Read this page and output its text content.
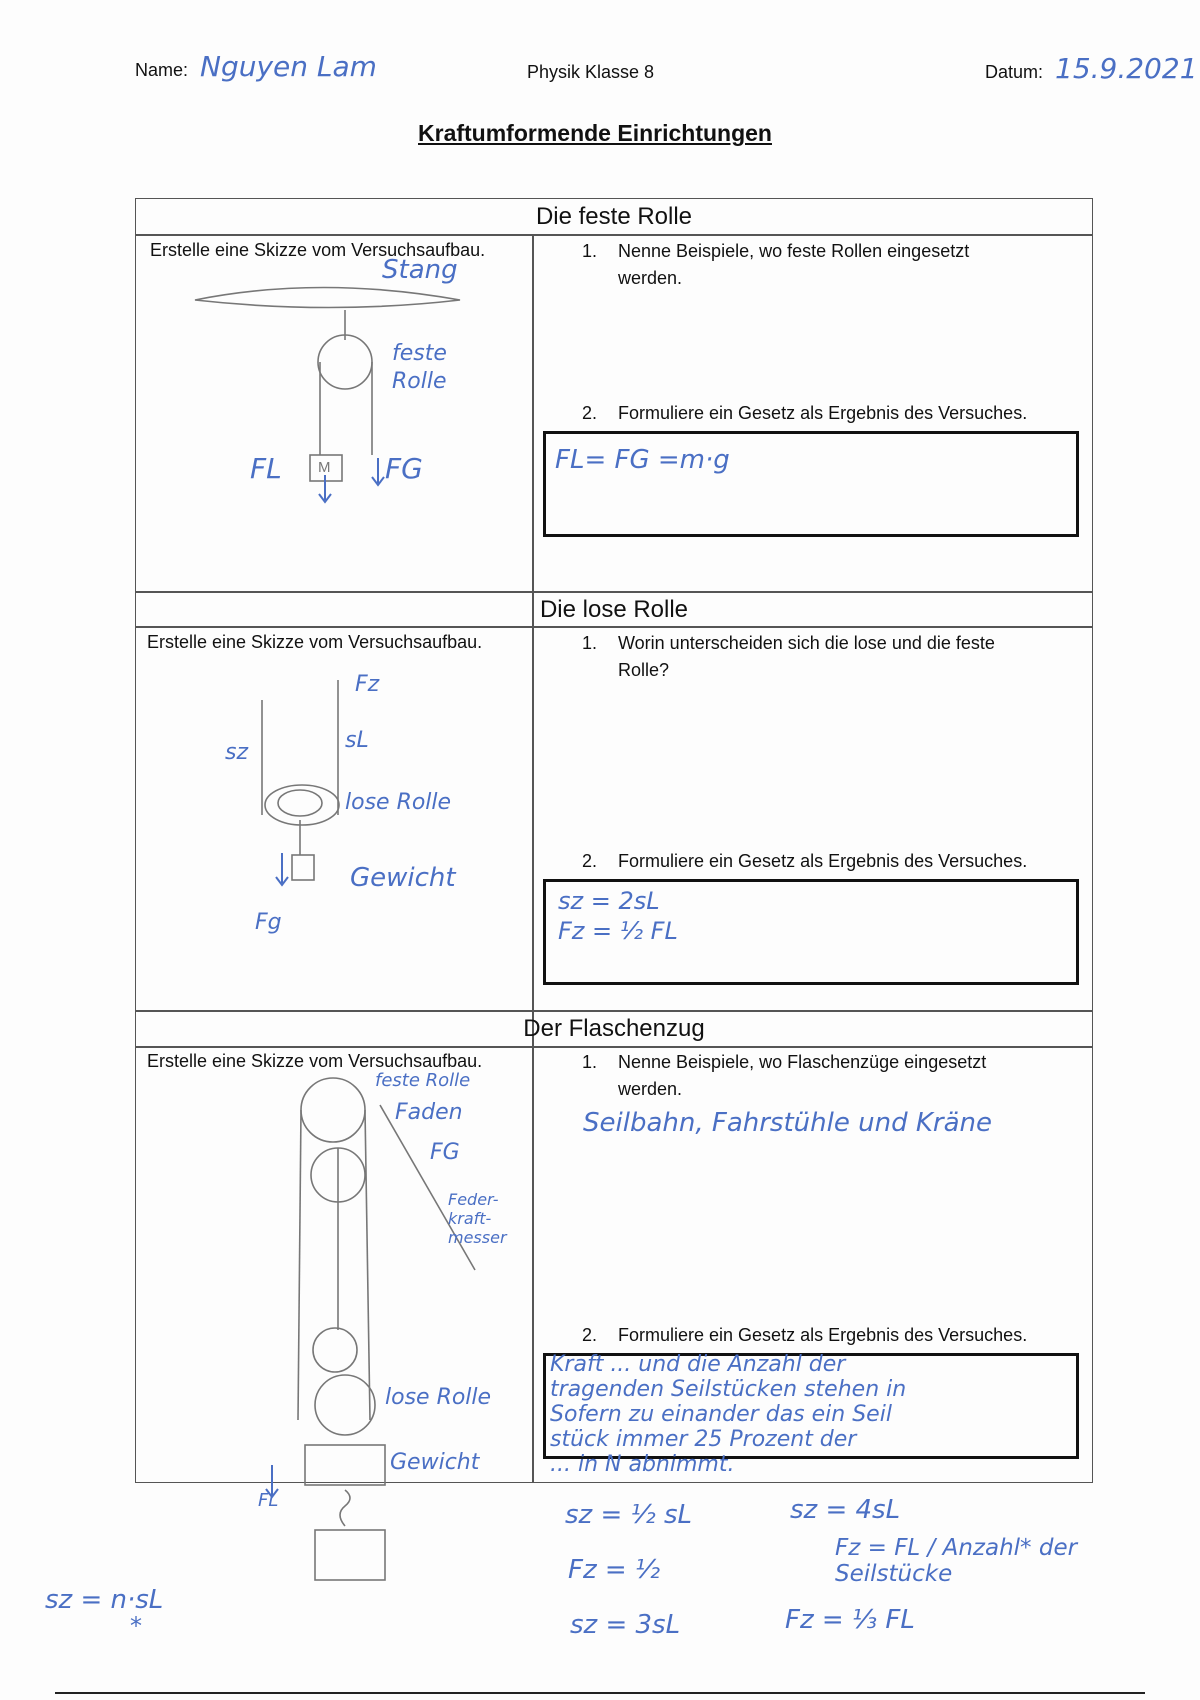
Name: Nguyen Lam	Physik Klasse 8	Datum: 15.9.2021
Kraftumformende Einrichtungen
Die feste Rolle
Erstelle eine Skizze vom Versuchsaufbau.	1. Nenne Beispiele, wo feste Rollen eingesetzt werden.
2. Formuliere ein Gesetz als Ergebnis des Versuches.
FL= FG =m·g
Die lose Rolle
Erstelle eine Skizze vom Versuchsaufbau.	1. Worin unterscheiden sich die lose und die feste Rolle?
2. Formuliere ein Gesetz als Ergebnis des Versuches.
sz = 2sL
Fz = ½ FL
Der Flaschenzug
Erstelle eine Skizze vom Versuchsaufbau.	1. Nenne Beispiele, wo Flaschenzüge eingesetzt werden.
Seilbahn, Fahrstühle und Kräne
2. Formuliere ein Gesetz als Ergebnis des Versuches.
Kraft ... und die Anzahl der
tragenden Seilstücken stehen in
Sofern zu einander das ein Seil
stück immer 25 Prozent der
... in N abnimmt.
Stang
feste Rolle
FL	FG
M
Fz
sz	sL
lose Rolle
Gewicht
Fg
feste Rolle
Faden
FG
Feder-kraft-messer
lose Rolle
Gewicht
FL
sz = n·sL
*
sz = ½ sL
Fz = ½
sz = 3sL
sz = 4sL
Fz = FL / Anzahl* der Seilstücke
Fz = ⅓ FL
